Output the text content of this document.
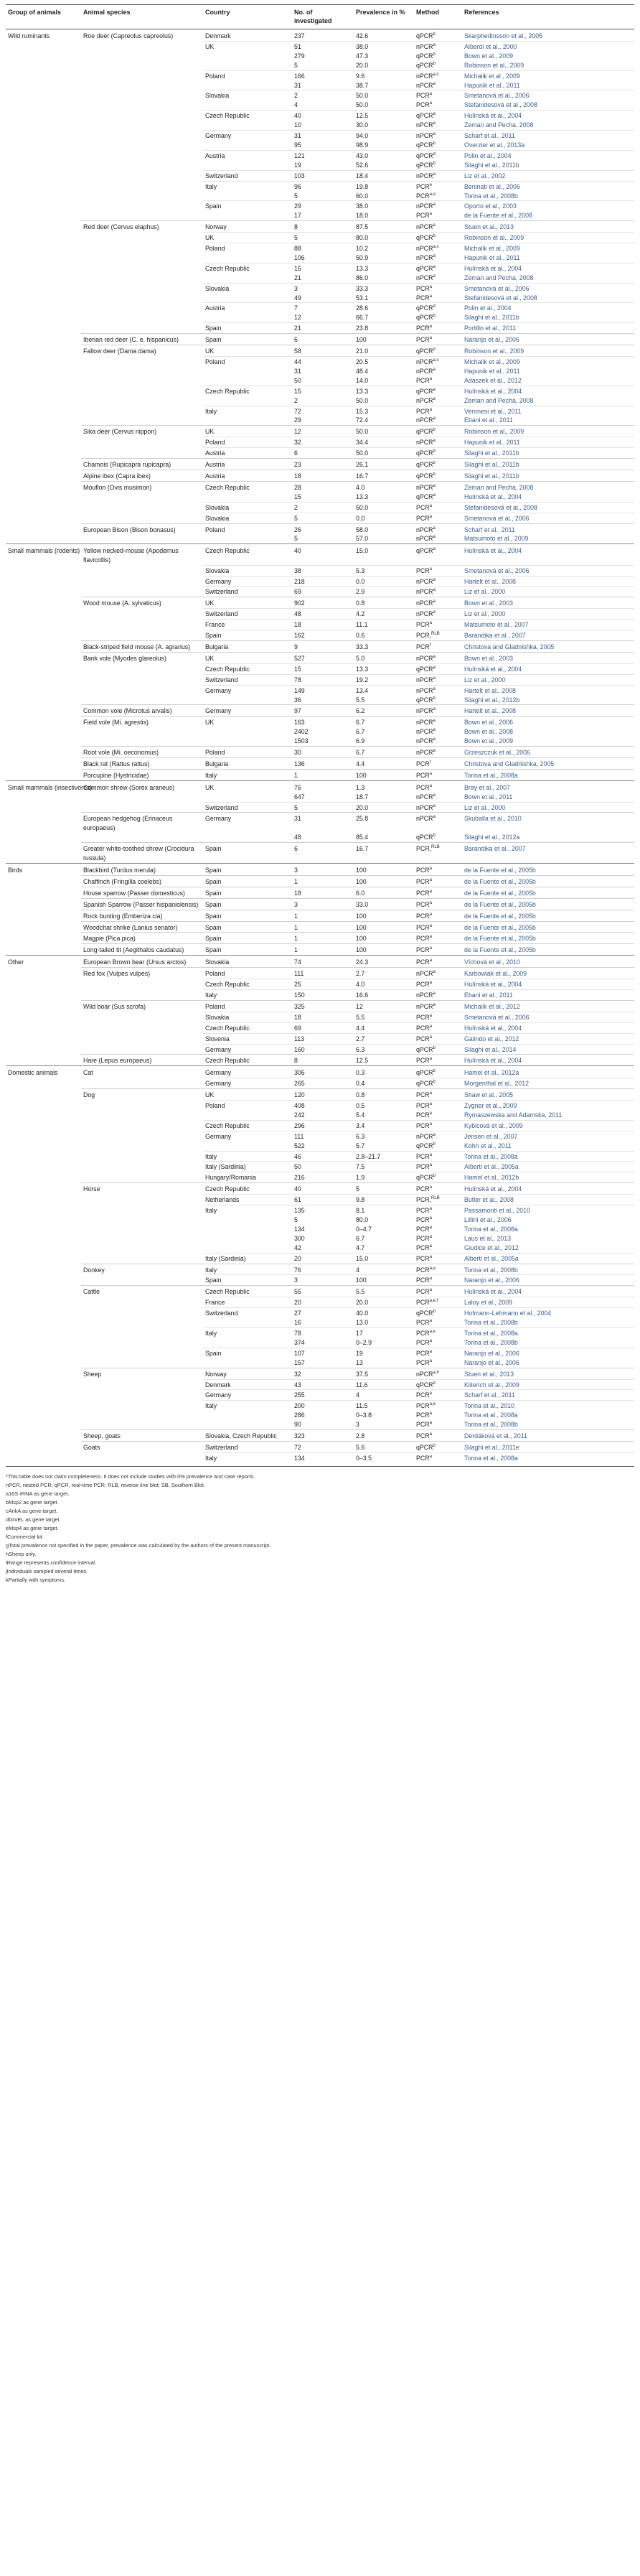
Group of animals	Animal species	Country	No. of investigated	Prevalence in %	Method	References
Wild ruminants	Roe deer (Capreolus capreolus)	Denmark	237	42.6	qPCR$^b$	Skarphedinsson et al., 2005
		UK	51	38.0	nPCR$^a$	Alberdi et al., 2000
			279	47.3	qPCR$^b$	Bown et al., 2009
			5	20.0	qPCR$^b$	Robinson et al., 2009
		Poland	166	9.6	nPCR$^{a,c}$	Michalik et al., 2009
			31	38.7	nPCR$^a$	Hapunik et al., 2011
		Slovakia	2	50.0	PCR$^a$	Smetanová et al., 2006
			4	50.0	PCR$^a$	Stefanidesová et al., 2008
		Czech Republic	40	12.5	qPCR$^a$	Hulínská et al., 2004
			10	30.0	nPCR$^a$	Zeman and Pecha, 2008
		Germany	31	94.0	nPCR$^a$	Scharf et al., 2011
			95	98.9	qPCR$^b$	Overzier et al., 2013a
		Austria	121	43.0	qPCR$^d$	Polin et al., 2004
			19	52.6	qPCR$^b$	Silaghi et al., 2011b
		Switzerland	103	18.4	nPCR$^a$	Liz et al., 2002
		Italy	96	19.8	PCR$^e$	Beninati et al., 2006
			5	60.0	PCR$^{a,e}$	Torina et al., 2008b
		Spain	29	38.0	nPCR$^a$	Oporto et al., 2003
			17	18.0	PCR$^a$	de la Fuente et al., 2008
	Red deer (Cervus elaphus)	Norway	8	87.5	nPCR$^a$	Stuen et al., 2013
		UK	5	80.0	qPCR$^b$	Robinson et al., 2009
		Poland	88	10.2	nPCR$^{a,c}$	Michalik et al., 2009
			106	50.9	nPCR$^a$	Hapunik et al., 2011
		Czech Republic	15	13.3	qPCR$^a$	Hulínská et al., 2004
			21	86.0	nPCR$^a$	Zeman and Pecha, 2008
		Slovakia	3	33.3	PCR$^a$	Smetanová et al., 2006
			49	53.1	PCR$^a$	Stefanidesová et al., 2008
		Austria	7	28.6	qPCR$^d$	Polin et al., 2004
			12	66.7	qPCR$^b$	Silaghi et al., 2011b
		Spain	21	23.8	PCR$^a$	Portillo et al., 2011
	Iberian red deer (C. e. hispanicus)	Spain	6	100	PCR$^a$	Naranjo et al., 2006
	Fallow deer (Dama dama)	UK	58	21.0	qPCR$^b$	Robinson et al., 2009
		Poland	44	20.5	nPCR$^{a,c}$	Michalik et al., 2009
			31	48.4	nPCR$^a$	Hapunik et al., 2011
			50	14.0	PCR$^a$	Adaszek et al., 2012
		Czech Republic	15	13.3	qPCR$^a$	Hulínská et al., 2004
			2	50.0	nPCR$^a$	Zeman and Pecha, 2008
		Italy	72	15.3	PCR$^a$	Veronesi et al., 2011
			29	72.4	nPCR$^a$	Ebani et al., 2011
	Sika deer (Cervus nippon)	UK	12	50.0	qPCR$^b$	Robinson et al., 2009
		Poland	32	34.4	nPCR$^a$	Hapunik et al., 2011
		Austria	6	50.0	qPCR$^b$	Silaghi et al., 2011b
	Chamois (Rupicapra rupicapra)	Austria	23	26.1	qPCR$^b$	Silaghi et al., 2011b
	Alpine ibex (Capra ibex)	Austria	18	16.7	qPCR$^b$	Silaghi et al., 2011b
	Mouflon (Ovis musimon)	Czech Republic	28	4.0	nPCR$^a$	Zeman and Pecha, 2008
			15	13.3	qPCR$^a$	Hulínská et al., 2004
		Slovakia	2	50.0	PCR$^a$	Stefanidesová et al., 2008
		Slovakia	5	0.0	PCR$^a$	Smetanová et al., 2006
	European Bison (Bison bonasus)	Poland	26	58.0	nPCR$^a$	Scharf et al., 2011
			5	57.0	nPCR$^a$	Matsumoto et al., 2009
Small mammals (rodents)	Yellow necked-mouse (Apodemus flavicollis)	Czech Republic	40	15.0	qPCR$^a$	Hulínská et al., 2004
		Slovakia	38	5.3	PCR$^a$	Smetanová et al., 2006
		Germany	218	0.0	nPCR$^a$	Hartelt et al., 2008
		Switzerland	69	2.9	nPCR$^a$	Liz et al., 2000
	Wood mouse (A. sylvaticus)	UK	902	0.8	nPCR$^a$	Bown et al., 2003
		Switzerland	48	4.2	nPCR$^a$	Liz et al., 2000
		France	18	11.1	PCR$^a$	Matsumoto et al., 2007
		Spain	162	0.6	PCR,$^{RLB}$	Barandika et al., 2007
	Black-striped field mouse (A. agrarius)	Bulgaria	9	33.3	PCR$^f$	Christova and Gladnishka, 2005
	Bank vole (Myodes glareolus)	UK	527	5.0	nPCR$^a$	Bown et al., 2003
		Czech Republic	15	13.3	qPCR$^a$	Hulínská et al., 2004
		Switzerland	78	19.2	nPCR$^a$	Liz et al., 2000
		Germany	149	13.4	nPCR$^a$	Hartelt et al., 2008
			36	5.5	qPCR$^b$	Silaghi et al., 2012b
	Common vole (Microtus arvalis)	Germany	97	6.2	nPCR$^a$	Hartelt et al., 2008
	Field vole (Mi. agrestis)	UK	163	6.7	nPCR$^a$	Bown et al., 2006
			2402	6.7	nPCR$^a$	Bown et al., 2008
			1503	6.9	nPCR$^a$	Bown et al., 2009
	Root vole (Mi. oeconomus)	Poland	30	6.7	nPCR$^a$	Grzeszczuk et al., 2006
	Black rat (Rattus rattus)	Bulgaria	136	4.4	PCR$^f$	Christova and Gladnishka, 2005
	Porcupine (Hystricidae)	Italy	1	100	PCR$^a$	Torina et al., 2008a
Small mammals (insectivores)	Common shrew (Sorex araneus)	UK	76	1.3	PCR$^a$	Bray et al., 2007
			647	18.7	nPCR$^a$	Bown et al., 2011
		Switzerland	5	20.0	nPCR$^a$	Liz et al., 2000
	European hedgehog (Erinaceus europaeus)	Germany	31	25.8	nPCR$^a$	Skuballa et al., 2010
			48	85.4	qPCR$^b$	Silaghi et al., 2012a
	Greater white-toothed shrew (Crocidura russula)	Spain	6	16.7	PCR,$^{RLB}$	Barandika et al., 2007
Birds	Blackbird (Turdus merula)	Spain	3	100	PCR$^a$	de la Fuente et al., 2005b
	Chaffinch (Fringilla coelebs)	Spain	1	100	PCR$^a$	de la Fuente et al., 2005b
	House sparrow (Passer domesticus)	Spain	18	6.0	PCR$^a$	de la Fuente et al., 2005b
	Spanish Sparrow (Passer hispaniolensis)	Spain	3	33.0	PCR$^a$	de la Fuente et al., 2005b
	Rock bunting (Emberiza cia)	Spain	1	100	PCR$^a$	de la Fuente et al., 2005b
	Woodchat shrike (Lanius senator)	Spain	1	100	PCR$^a$	de la Fuente et al., 2005b
	Magpie (Pica pica)	Spain	1	100	PCR$^a$	de la Fuente et al., 2005b
	Long-tailed tit (Aegithalos caudatus)	Spain	1	100	PCR$^a$	de la Fuente et al., 2005b
Other	European Brown bear (Ursus arctos)	Slovakia	74	24.3	PCR$^a$	Víchová et al., 2010
	Red fox (Vulpes vulpes)	Poland	111	2.7	nPCR$^a$	Karbowiak et al., 2009
		Czech Republic	25	4.0	PCR$^a$	Hulínská et al., 2004
		Italy	150	16.6	nPCR$^a$	Ebani et al., 2011
	Wild boar (Sus scrofa)	Poland	325	12	nPCR$^a$	Michalik et al., 2012
		Slovakia	18	5.5	PCR$^a$	Smetanová et al., 2006
		Czech Republic	69	4.4	PCR$^a$	Hulínská et al., 2004
		Slovenia	113	2.7	PCR$^a$	Galindo et al., 2012
		Germany	160	6.3	qPCR$^b$	Silaghi et al., 2014
	Hare (Lepus europaeus)	Czech Republic	8	12.5	PCR$^a$	Hulínská et al., 2004
Domestic animals	Cat	Germany	306	0.3	qPCR$^b$	Hamel et al., 2012a
		Germany	265	0.4	qPCR$^b$	Morgenthal et al., 2012
	Dog	UK	120	0.8	PCR$^a$	Shaw et al., 2005
		Poland	408	0.5	PCR$^a$	Zygner et al., 2009
			242	5.4	PCR$^a$	Rymaszewska and Adamska, 2011
		Czech Republic	296	3.4	PCR$^a$	Kybicová et al., 2009
		Germany	111	6.3	nPCR$^a$	Jensen et al., 2007
			522	5.7	qPCR$^b$	Kohn et al., 2011
		Italy	46	2.8–21.7	PCR$^a$	Torina et al., 2008a
		Italy (Sardinia)	50	7.5	PCR$^a$	Alberti et al., 2005a
		Hungary/Romania	216	1.9	qPCR$^b$	Hamel et al., 2012b
	Horse	Czech Republic	40	5	PCR$^a$	Hulínská et al., 2004
		Netherlands	61	9.8	PCR,$^{RLB}$	Butler et al., 2008
		Italy	135	8.1	PCR$^a$	Passamonti et al., 2010
			5	80.0	PCR$^a$	Lillini et al., 2006
			134	0–4.7	PCR$^a$	Torina et al., 2008a
			300	6.7	PCR$^a$	Laus et al., 2013
			42	4.7	PCR$^a$	Giudice et al., 2012
		Italy (Sardinia)	20	15.0	PCR$^a$	Alberti et al., 2005a
	Donkey	Italy	76	4	PCR$^{a,e}$	Torina et al., 2008b
		Spain	3	100	PCR$^a$	Naranjo et al., 2006
	Cattle	Czech Republic	55	5.5	PCR$^a$	Hulínská et al., 2004
		France	20	20.0	PCR$^{a,e,f}$	Laloy et al., 2009
		Switzerland	27	40.0	qPCR$^b$	Hofmann-Lehmann et al., 2004
			16	13.0	PCR$^a$	Torina et al., 2008b
		Italy	78	17	PCR$^{a,e}$	Torina et al., 2008a
			374	0–2.9	PCR$^a$	Torina et al., 2008b
		Spain	107	19	PCR$^a$	Naranjo et al., 2006
			157	13	PCR$^a$	Naranjo et al., 2006
	Sheep	Norway	32	37.5	nPCR$^{a,h}$	Stuen et al., 2013
		Denmark	43	11.6	qPCR$^b$	Kiilerich et al., 2009
		Germany	255	4	PCR$^a$	Scharf et al., 2011
		Italy	200	11.5	PCR$^{a,e}$	Torina et al., 2010
			286	0–3.8	PCR$^a$	Torina et al., 2008a
			90	3	PCR$^a$	Torina et al., 2008b
	Sheep, goats	Slovakia, Czech Republic	323	2.8	PCR$^a$	Derdáková et al., 2011
	Goats	Switzerland	72	5.6	qPCR$^b$	Silaghi et al., 2011e
		Italy	134	0–3.5	PCR$^a$	Torina et al., 2008a
*This table does not claim completeness. It does not include studies with 0% prevalence and case reports.
nPCR, nested PCR; qPCR, real-time PCR; RLB, reverse line blot; SB, Southern Blot.
a16S rRNA as gene target.
bMsp2 as gene target.
cAnkA as gene target.
dGroEL as gene target.
eMsp4 as gene target.
fCommercial kit.
gTotal prevalence not specified in the paper, prevalence was calculated by the authors of the present manuscript.
hSheep only.
iRange represents confidence interval.
jIndividuals sampled several times.
kPartially with symptoms.
